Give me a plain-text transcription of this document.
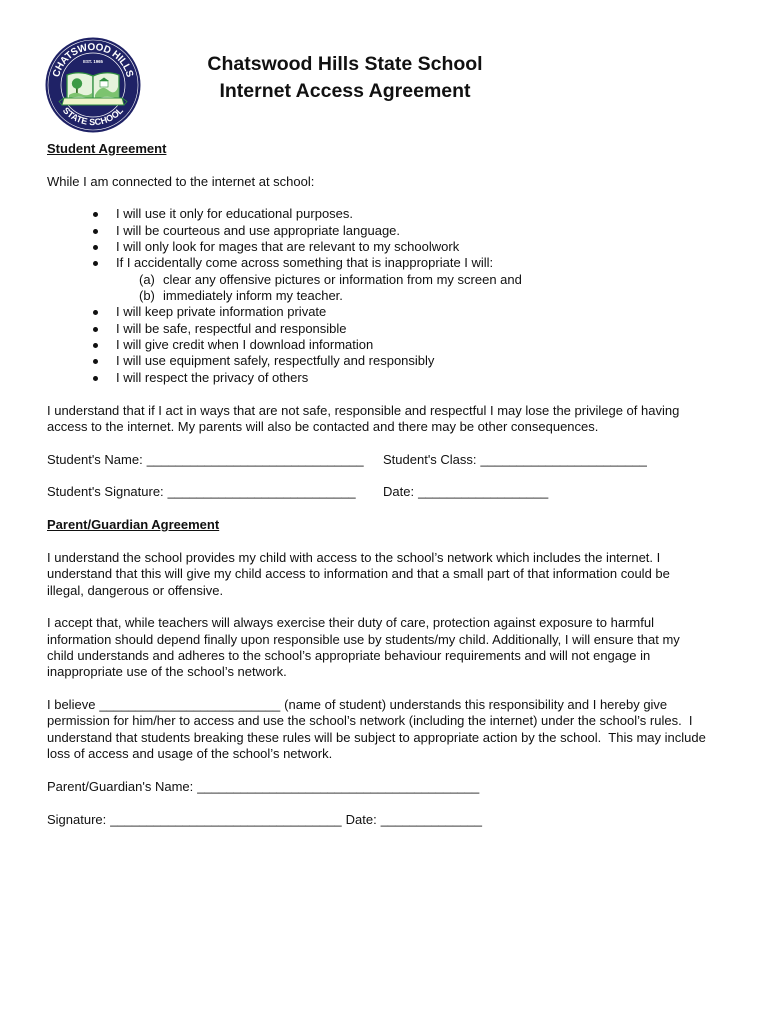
CHATSWOOD HILLS
STATE SCHOOL
EST. 1965	Chatswood Hills State School
Internet Access Agreement
Student Agreement
While I am connected to the internet at school:
I will use it only for educational purposes.
I will be courteous and use appropriate language.
I will only look for mages that are relevant to my schoolwork
If I accidentally come across something that is inappropriate I will:
(a) clear any offensive pictures or information from my screen and
(b) immediately inform my teacher.
I will keep private information private
I will be safe, respectful and responsible
I will give credit when I download information
I will use equipment safely, respectfully and responsibly
I will respect the privacy of others
I understand that if I act in ways that are not safe, responsible and respectful I may lose the privilege of having
access to the internet. My parents will also be contacted and there may be other consequences.
Student's Name: ______________________________ Student's Class: _______________________
Student's Signature: __________________________ Date: __________________
Parent/Guardian Agreement
I understand the school provides my child with access to the school’s network which includes the internet. I
understand that this will give my child access to information and that a small part of that information could be
illegal, dangerous or offensive.
I accept that, while teachers will always exercise their duty of care, protection against exposure to harmful
information should depend finally upon responsible use by students/my child. Additionally, I will ensure that my
child understands and adheres to the school’s appropriate behaviour requirements and will not engage in
inappropriate use of the school’s network.
I believe _________________________ (name of student) understands this responsibility and I hereby give
permission for him/her to access and use the school’s network (including the internet) under the school’s rules.  I
understand that students breaking these rules will be subject to appropriate action by the school.  This may include
loss of access and usage of the school’s network.
Parent/Guardian's Name: _______________________________________
Signature: ________________________________ Date: ______________
